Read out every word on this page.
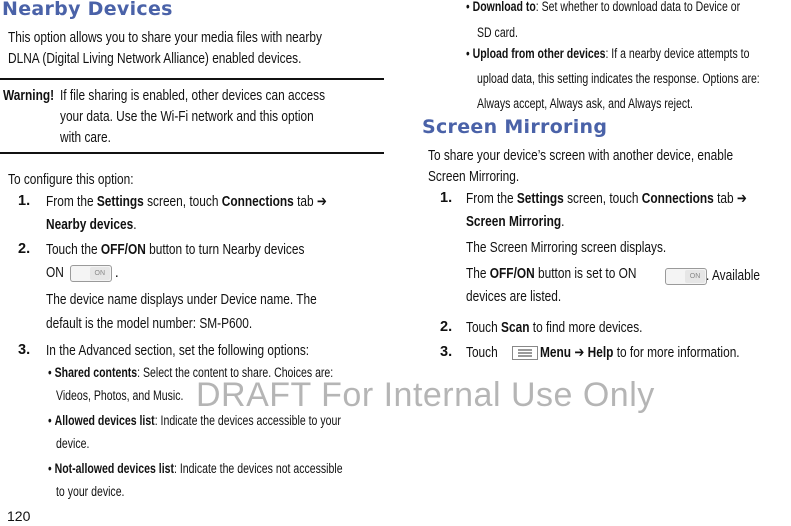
Nearby Devices
This option allows you to share your media files with nearby
DLNA (Digital Living Network Alliance) enabled devices.
Warning! If file sharing is enabled, other devices can access
your data. Use the Wi-Fi network and this option
with care.
To configure this option:
1. From the Settings screen, touch Connections tab ➔
Nearby devices.
2. Touch the OFF/ON button to turn Nearby devices
ON	ON .
The device name displays under Device name. The
default is the model number: SM-P600.
3. In the Advanced section, set the following options:
• Shared contents: Select the content to share. Choices are:
Videos, Photos, and Music.
• Allowed devices list: Indicate the devices accessible to your
device.
• Not-allowed devices list: Indicate the devices not accessible
to your device.
120
• Download to: Set whether to download data to Device or
SD card.
• Upload from other devices: If a nearby device attempts to
upload data, this setting indicates the response. Options are:
Always accept, Always ask, and Always reject.
Screen Mirroring
To share your device’s screen with another device, enable
Screen Mirroring.
1. From the Settings screen, touch Connections tab ➔
Screen Mirroring.
The Screen Mirroring screen displays.
The OFF/ON button is set to ON
devices are listed.
ON . Available
2. Touch Scan to find more devices.
3. Touch	Menu ➔ Help to for more information.
DRAFT For Internal Use Only
